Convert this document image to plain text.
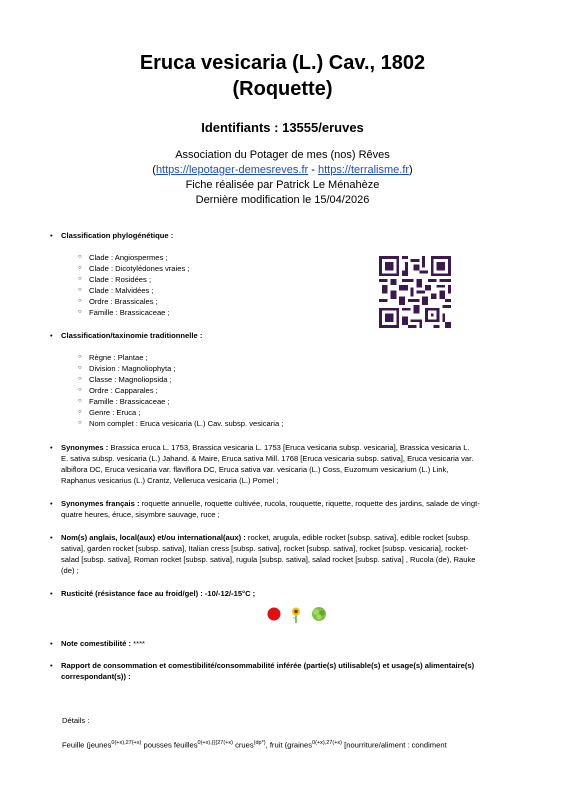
Eruca vesicaria (L.) Cav., 1802
(Roquette)
Identifiants : 13555/eruves
Association du Potager de mes (nos) Rêves
(https://lepotager-demesreves.fr - https://terralisme.fr)
Fiche réalisée par Patrick Le Ménahèze
Dernière modification le 15/04/2026
• Classification phylogénétique :
○ Clade : Angiospermes ;
○ Clade : Dicotylédones vraies ;
○ Clade : Rosidées ;
○ Clade : Malvidées ;
○ Ordre : Brassicales ;
○ Famille : Brassicaceae ;
• Classification/taxinomie traditionnelle :
○ Règne : Plantae ;
○ Division : Magnoliophyta ;
○ Classe : Magnoliopsida ;
○ Ordre : Capparales ;
○ Famille : Brassicaceae ;
○ Genre : Eruca ;
○ Nom complet : Eruca vesicaria (L.) Cav. subsp. vesicaria ;
• Synonymes : Brassica eruca L. 1753, Brassica vesicaria L. 1753 [Eruca vesicaria subsp. vesicaria], Brassica vesicaria L.
E. sativa subsp. vesicaria (L.) Jahand. & Maire, Eruca sativa Mill. 1768 [Eruca vesicaria subsp. sativa], Eruca vesicaria var.
albiflora DC, Eruca vesicaria var. flaviflora DC, Eruca sativa var. vesicaria (L.) Coss, Euzomum vesicarium (L.) Link,
Raphanus vesicarius (L.) Crantz, Velleruca vesicaria (L.) Pomel ;
• Synonymes français : roquette annuelle, roquette cultivée, rucola, rouquette, riquette, roquette des jardins, salade de vingt-
quatre heures, éruce, sisymbre sauvage, ruce ;
• Nom(s) anglais, local(aux) et/ou international(aux) : rocket, arugula, edible rocket [subsp. sativa], edible rocket [subsp.
sativa], garden rocket [subsp. sativa], Italian cress [subsp. sativa], rocket [subsp. sativa], rocket [subsp. vesicaria], rocket-
salad [subsp. sativa], Roman rocket [subsp. sativa], rugula [subsp. sativa], salad rocket [subsp. sativa] , Rucola (de), Rauke
(de) ;
• Rusticité (résistance face au froid/gel) : -10/-12/-15°C ;
• Note comestibilité : ****
• Rapport de consommation et comestibilité/consommabilité inférée (partie(s) utilisable(s) et usage(s) alimentaire(s)
correspondant(s)) :
Détails :
Feuille (jeunes$^{0(+x),27(+x)}$ pousses feuilles$^{0(+x),\{\{\{27(+x)}$ crues$^{(dp*)}$, fruit (graines$^{0(+x),27(+x)}$ [nourriture/aliment : condiment
